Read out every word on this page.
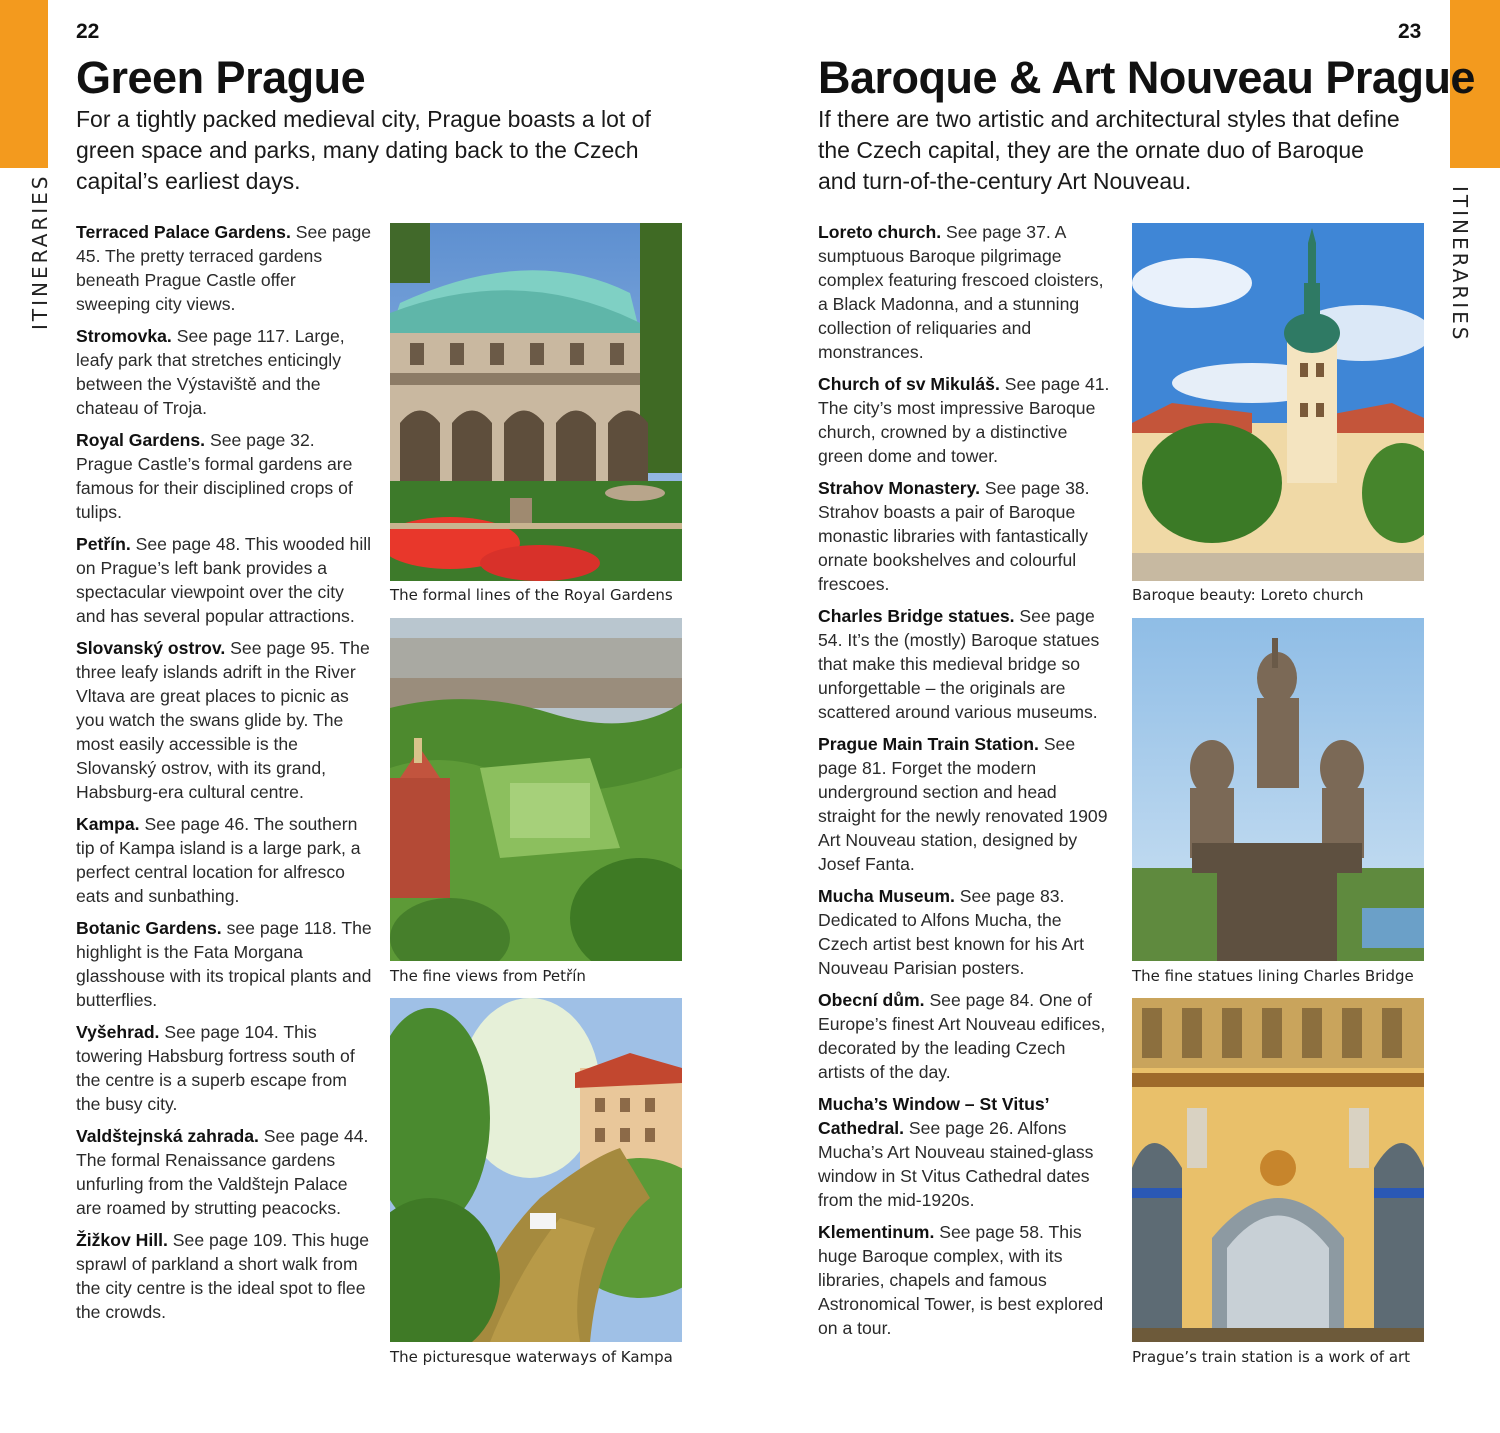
ITINERARIES	ITINERARIES
22
Green Prague

For a tightly packed medieval city, Prague boasts a lot of green space and parks, many dating back to the Czech capital’s earliest days.

Terraced Palace Gardens. See page 45. The pretty terraced gardens beneath Prague Castle offer sweeping city views.

Stromovka. See page 117. Large, leafy park that stretches enticingly between the Výstaviště and the chateau of Troja.

Royal Gardens. See page 32. Prague Castle’s formal gardens are famous for their disciplined crops of tulips.

Petřín. See page 48. This wooded hill on Prague’s left bank provides a spectacular viewpoint over the city and has several popular attractions.

Slovanský ostrov. See page 95. The three leafy islands adrift in the River Vltava are great places to picnic as you watch the swans glide by. The most easily accessible is the Slovanský ostrov, with its grand, Habsburg-era cultural centre.

Kampa. See page 46. The southern tip of Kampa island is a large park, a perfect central location for alfresco eats and sunbathing.

Botanic Gardens. see page 118. The highlight is the Fata Morgana glasshouse with its tropical plants and butterflies.

Vyšehrad. See page 104. This towering Habsburg fortress south of the centre is a superb escape from the busy city.

Valdštejnská zahrada. See page 44. The formal Renaissance gardens unfurling from the Valdštejn Palace are roamed by strutting peacocks.

Žižkov Hill. See page 109. This huge sprawl of parkland a short walk from the city centre is the ideal spot to flee the crowds.

The formal lines of the Royal Gardens
The fine views from Petřín
The picturesque waterways of Kampa
23
Baroque & Art Nouveau Prague

If there are two artistic and architectural styles that define the Czech capital, they are the ornate duo of Baroque and turn-of-the-century Art Nouveau.

Loreto church. See page 37. A sumptuous Baroque pilgrimage complex featuring frescoed cloisters, a Black Madonna, and a stunning collection of reliquaries and monstrances.

Church of sv Mikuláš. See page 41. The city’s most impressive Baroque church, crowned by a distinctive green dome and tower.

Strahov Monastery. See page 38. Strahov boasts a pair of Baroque monastic libraries with fantastically ornate bookshelves and colourful frescoes.

Charles Bridge statues. See page 54. It’s the (mostly) Baroque statues that make this medieval bridge so unforgettable – the originals are scattered around various museums.

Prague Main Train Station. See page 81. Forget the modern underground section and head straight for the newly renovated 1909 Art Nouveau station, designed by Josef Fanta.

Mucha Museum. See page 83. Dedicated to Alfons Mucha, the Czech artist best known for his Art Nouveau Parisian posters.

Obecní dům. See page 84. One of Europe’s finest Art Nouveau edifices, decorated by the leading Czech artists of the day.

Mucha’s Window – St Vitus’ Cathedral. See page 26. Alfons Mucha’s Art Nouveau stained-glass window in St Vitus Cathedral dates from the mid-1920s.

Klementinum. See page 58. This huge Baroque complex, with its libraries, chapels and famous Astronomical Tower, is best explored on a tour.

Baroque beauty: Loreto church
The fine statues lining Charles Bridge
Prague’s train station is a work of art
